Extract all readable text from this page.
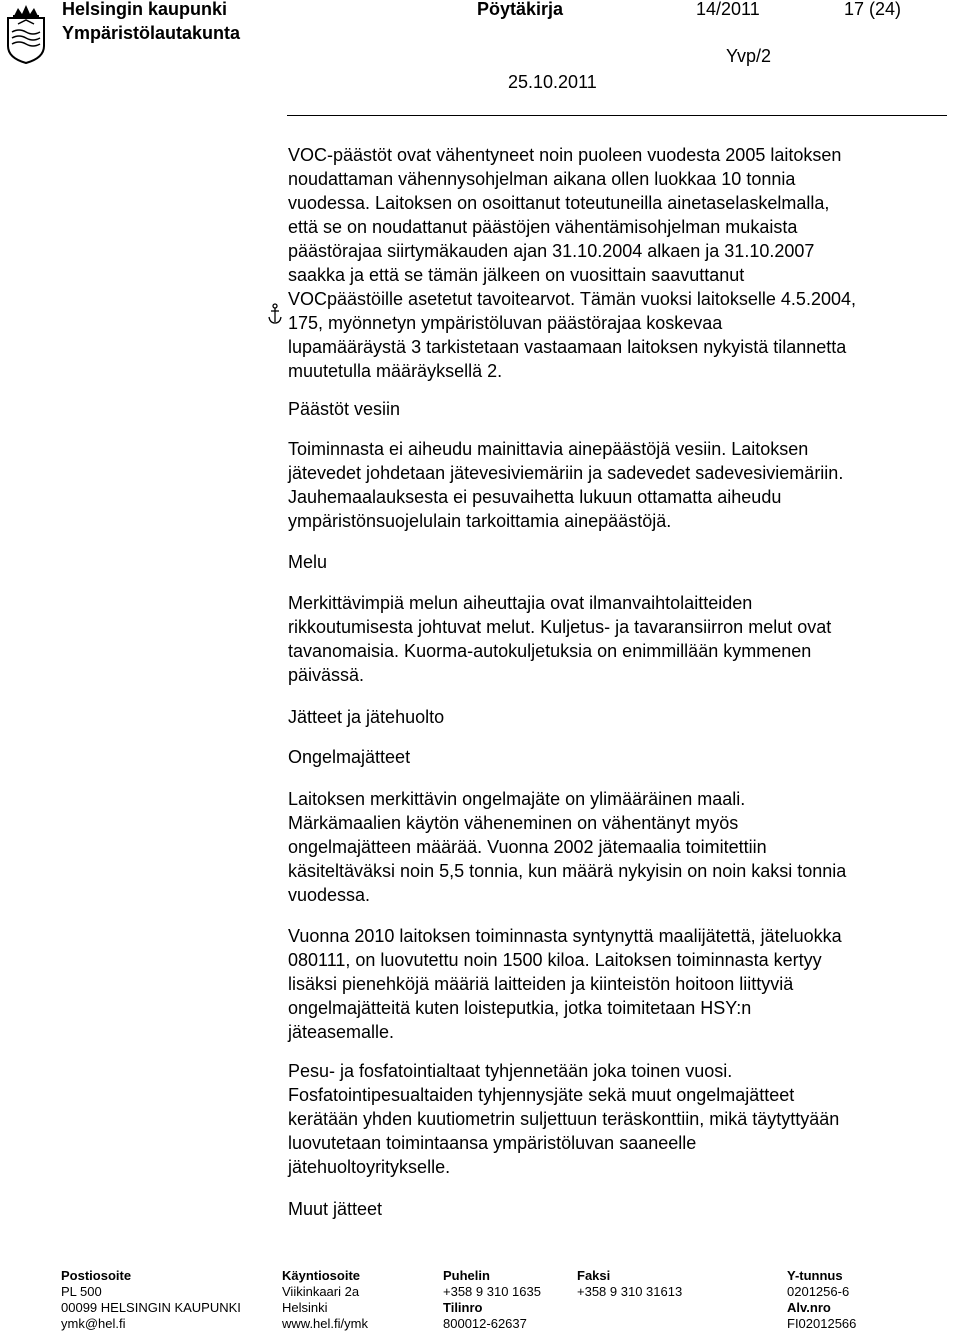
Helsingin kaupunki
Ympäristölautakunta
Pöytäkirja	14/2011	17 (24)
Yvp/2
25.10.2011
VOC-päästöt ovat vähentyneet noin puoleen vuodesta 2005 laitoksen
noudattaman vähennysohjelman aikana ollen luokkaa 10 tonnia
vuodessa. Laitoksen on osoittanut toteutuneilla ainetaselaskelmalla,
että se on noudattanut päästöjen vähentämisohjelman mukaista
päästörajaa siirtymäkauden ajan 31.10.2004 alkaen ja 31.10.2007
saakka ja että se tämän jälkeen on vuosittain saavuttanut
VOCpäästöille asetetut tavoitearvot. Tämän vuoksi laitokselle 4.5.2004,
175, myönnetyn ympäristöluvan päästörajaa koskevaa
lupamääräystä 3 tarkistetaan vastaamaan laitoksen nykyistä tilannetta
muutetulla määräyksellä 2.
Päästöt vesiin
Toiminnasta ei aiheudu mainittavia ainepäästöjä vesiin. Laitoksen
jätevedet johdetaan jätevesiviemäriin ja sadevedet sadevesiviemäriin.
Jauhemaalauksesta ei pesuvaihetta lukuun ottamatta aiheudu
ympäristönsuojelulain tarkoittamia ainepäästöjä.
Melu
Merkittävimpiä melun aiheuttajia ovat ilmanvaihtolaitteiden
rikkoutumisesta johtuvat melut. Kuljetus- ja tavaransiirron melut ovat
tavanomaisia. Kuorma-autokuljetuksia on enimmillään kymmenen
päivässä.
Jätteet ja jätehuolto
Ongelmajätteet
Laitoksen merkittävin ongelmajäte on ylimääräinen maali.
Märkämaalien käytön väheneminen on vähentänyt myös
ongelmajätteen määrää. Vuonna 2002 jätemaalia toimitettiin
käsiteltäväksi noin 5,5 tonnia, kun määrä nykyisin on noin kaksi tonnia
vuodessa.
Vuonna 2010 laitoksen toiminnasta syntynyttä maalijätettä, jäteluokka
080111, on luovutettu noin 1500 kiloa. Laitoksen toiminnasta kertyy
lisäksi pienehköjä määriä laitteiden ja kiinteistön hoitoon liittyviä
ongelmajätteitä kuten loisteputkia, jotka toimitetaan HSY:n
jäteasemalle.
Pesu- ja fosfatointialtaat tyhjennetään joka toinen vuosi.
Fosfatointipesualtaiden tyhjennysjäte sekä muut ongelmajätteet
kerätään yhden kuutiometrin suljettuun teräskonttiin, mikä täytyttyään
luovutetaan toimintaansa ympäristöluvan saaneelle
jätehuoltoyritykselle.
Muut jätteet
Postiosoite
PL 500
00099 HELSINGIN KAUPUNKI
ymk@hel.fi
Käyntiosoite
Viikinkaari 2a
Helsinki
www.hel.fi/ymk
Puhelin
+358 9 310 1635
Tilinro
800012-62637
Faksi
+358 9 310 31613
Y-tunnus
0201256-6
Alv.nro
FI02012566
